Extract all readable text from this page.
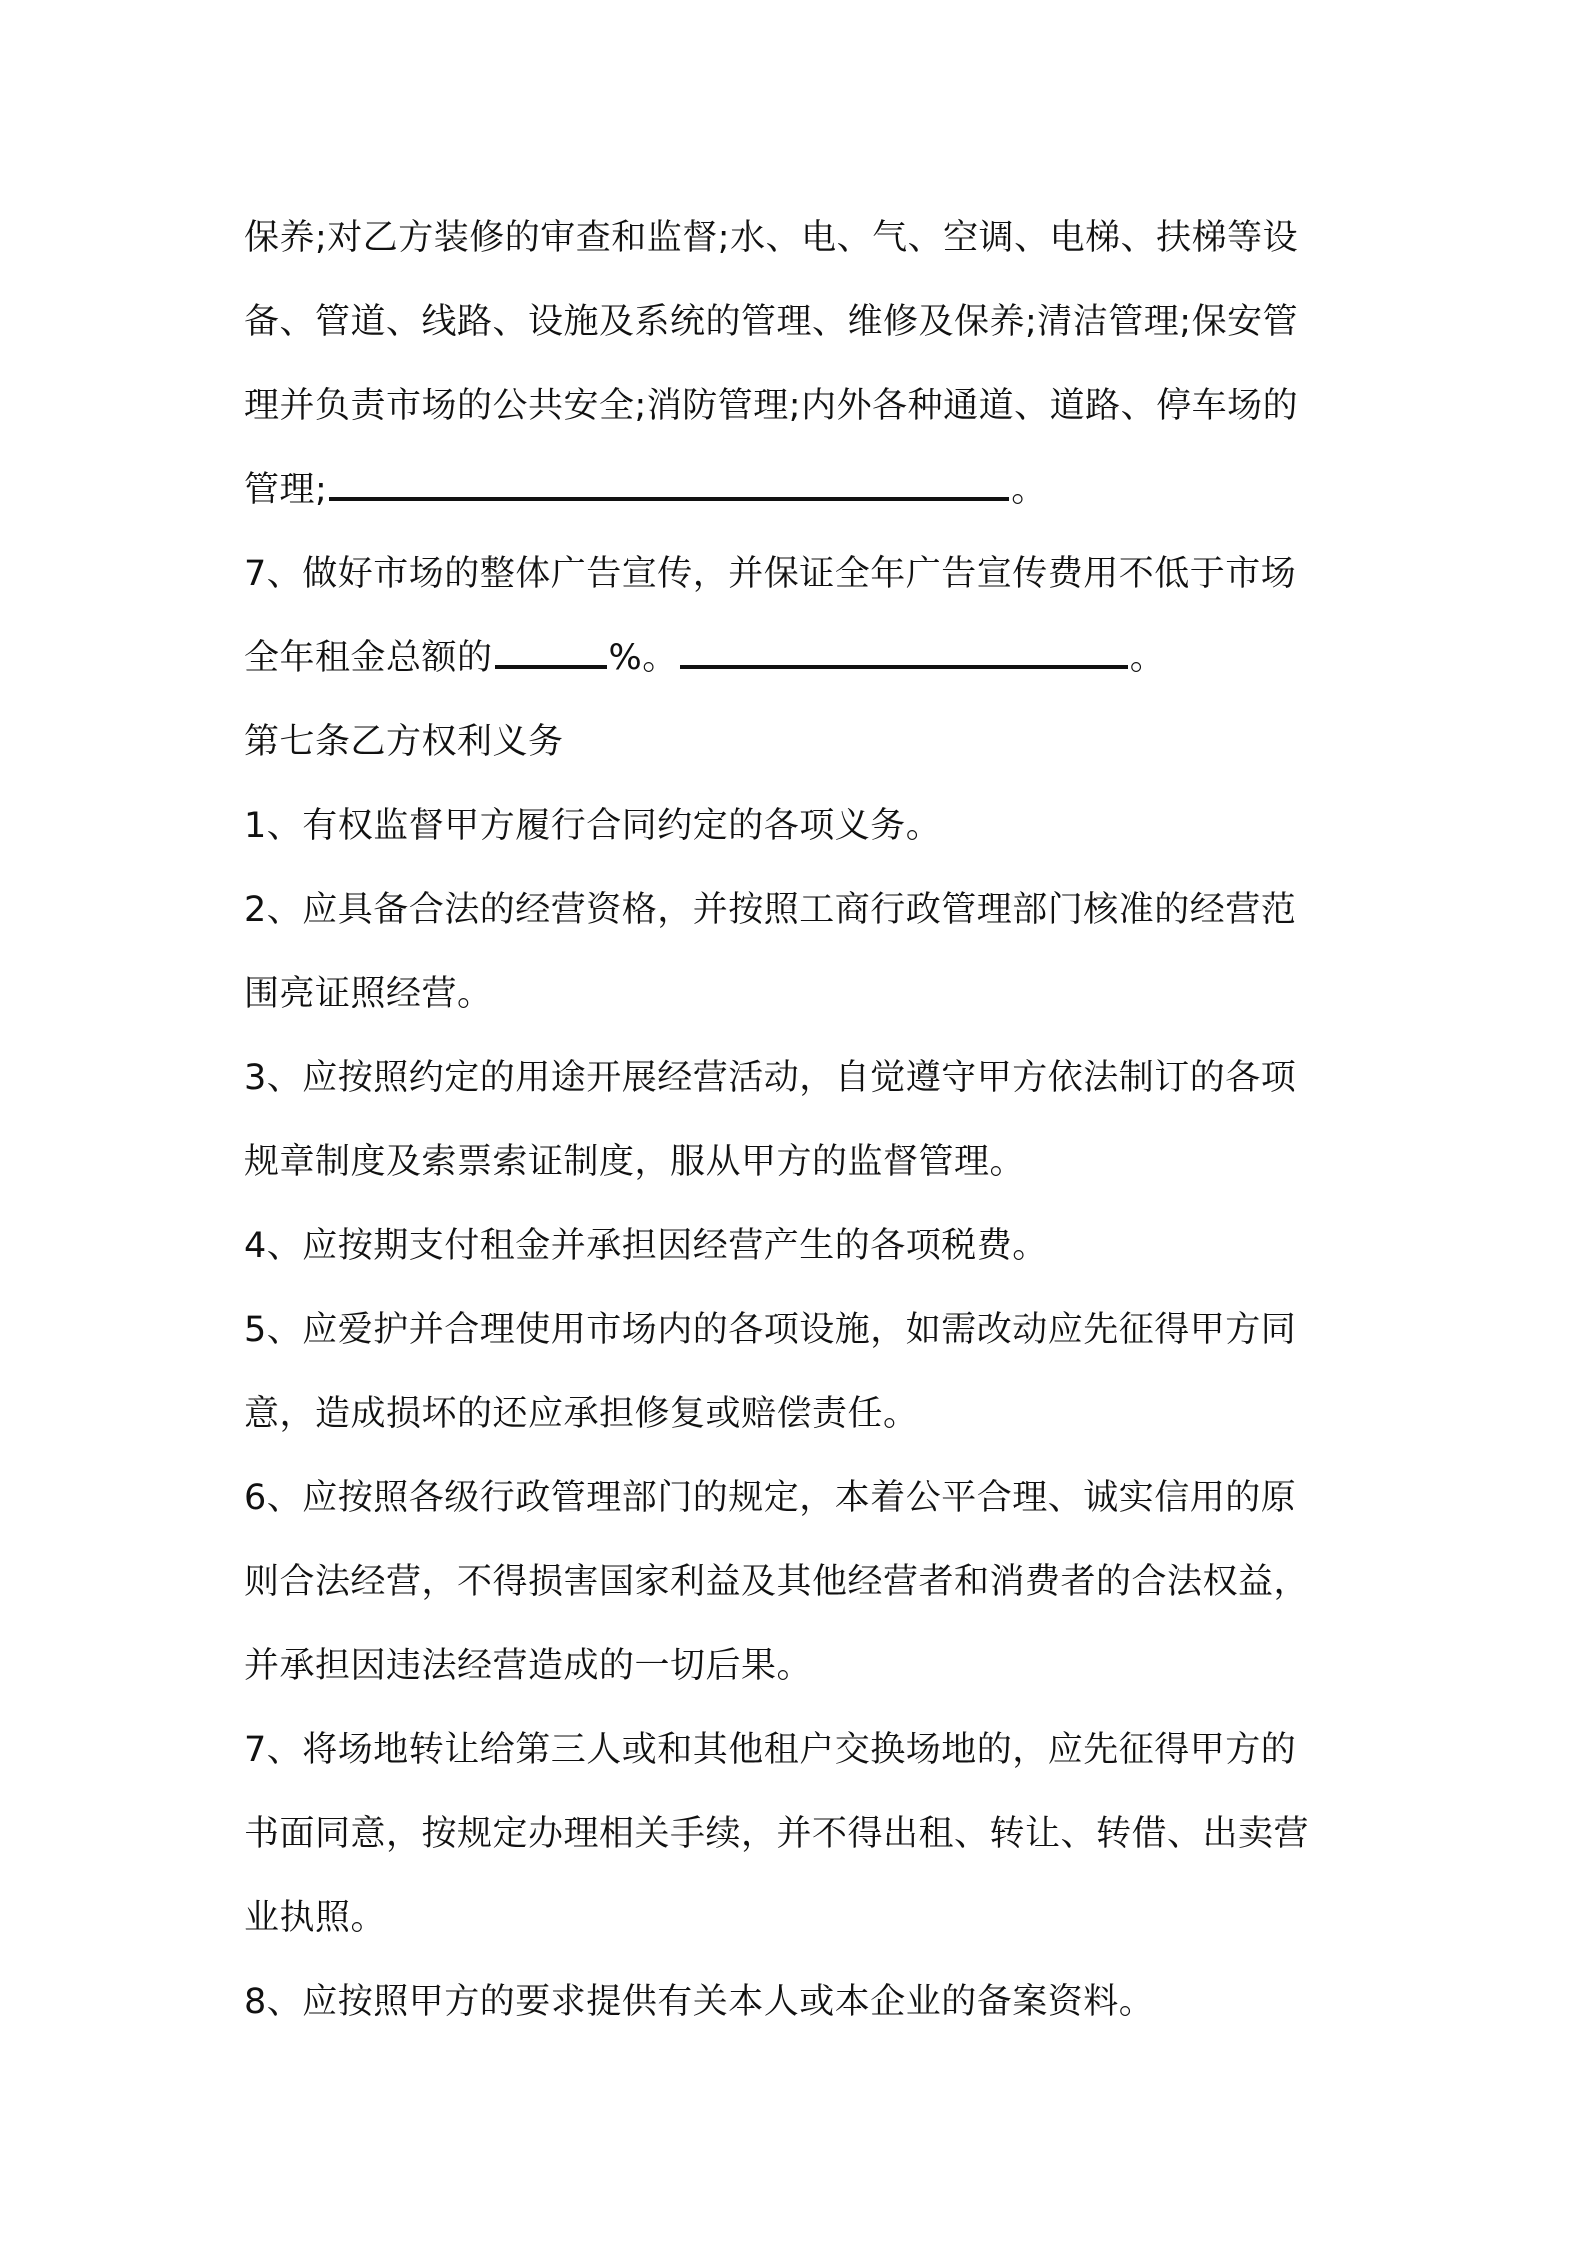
保养;对乙方装修的审查和监督;水、电、气、空调、电梯、扶梯等设
备、管道、线路、设施及系统的管理、维修及保养;清洁管理;保安管
理并负责市场的公共安全;消防管理;内外各种通道、道路、停车场的
管理;	。
7、做好市场的整体广告宣传，并保证全年广告宣传费用不低于市场
全年租金总额的	%。	。
第七条乙方权利义务
1、有权监督甲方履行合同约定的各项义务。
2、应具备合法的经营资格，并按照工商行政管理部门核准的经营范
围亮证照经营。
3、应按照约定的用途开展经营活动，自觉遵守甲方依法制订的各项
规章制度及索票索证制度，服从甲方的监督管理。
4、应按期支付租金并承担因经营产生的各项税费。
5、应爱护并合理使用市场内的各项设施，如需改动应先征得甲方同
意，造成损坏的还应承担修复或赔偿责任。
6、应按照各级行政管理部门的规定，本着公平合理、诚实信用的原
则合法经营，不得损害国家利益及其他经营者和消费者的合法权益，
并承担因违法经营造成的一切后果。
7、将场地转让给第三人或和其他租户交换场地的，应先征得甲方的
书面同意，按规定办理相关手续，并不得出租、转让、转借、出卖营
业执照。
8、应按照甲方的要求提供有关本人或本企业的备案资料。
